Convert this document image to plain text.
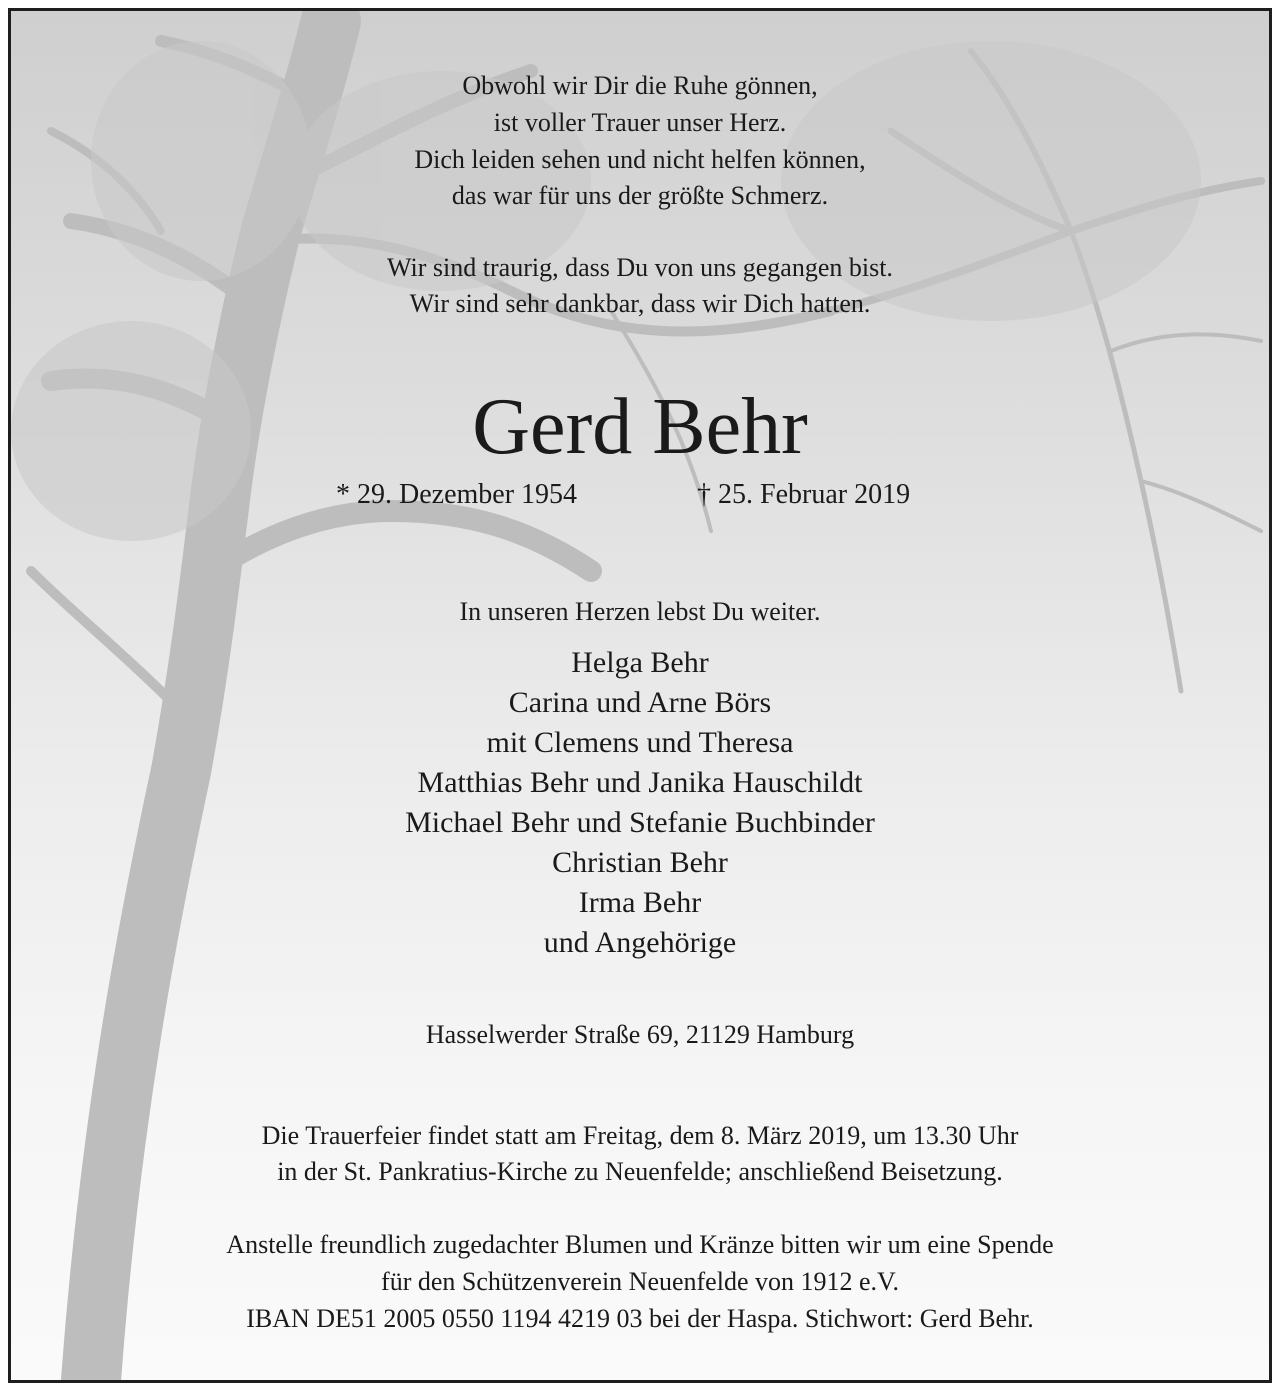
Obwohl wir Dir die Ruhe gönnen,
ist voller Trauer unser Herz.
Dich leiden sehen und nicht helfen können,
das war für uns der größte Schmerz.
Wir sind traurig, dass Du von uns gegangen bist.
Wir sind sehr dankbar, dass wir Dich hatten.
Gerd Behr
* 29. Dezember 1954	† 25. Februar 2019
In unseren Herzen lebst Du weiter.
Helga Behr
Carina und Arne Börs
mit Clemens und Theresa
Matthias Behr und Janika Hauschildt
Michael Behr und Stefanie Buchbinder
Christian Behr
Irma Behr
und Angehörige
Hasselwerder Straße 69, 21129 Hamburg
Die Trauerfeier findet statt am Freitag, dem 8. März 2019, um 13.30 Uhr
in der St. Pankratius-Kirche zu Neuenfelde; anschließend Beisetzung.
Anstelle freundlich zugedachter Blumen und Kränze bitten wir um eine Spende
für den Schützenverein Neuenfelde von 1912 e.V.
IBAN DE51 2005 0550 1194 4219 03 bei der Haspa. Stichwort: Gerd Behr.
